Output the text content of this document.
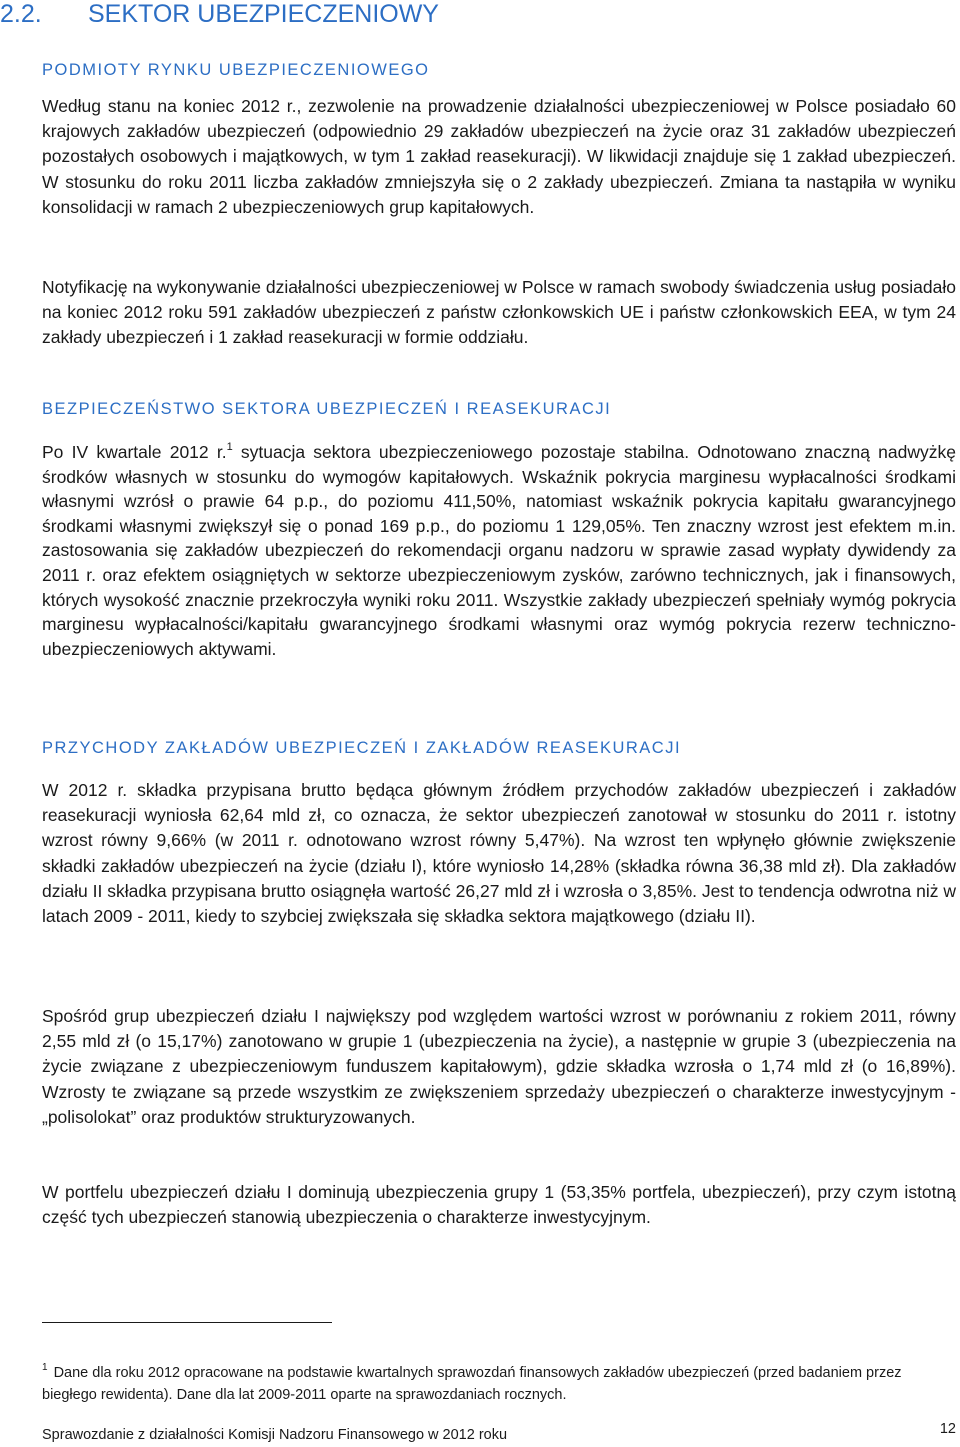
2.2. SEKTOR UBEZPIECZENIOWY
PODMIOTY RYNKU UBEZPIECZENIOWEGO

Według stanu na koniec 2012 r., zezwolenie na prowadzenie działalności ubezpieczeniowej w Polsce posiadało 60 krajowych zakładów ubezpieczeń (odpowiednio 29 zakładów ubezpieczeń na życie oraz 31 zakładów ubezpieczeń pozostałych osobowych i majątkowych, w tym 1 zakład reasekuracji). W likwidacji znajduje się 1 zakład ubezpieczeń. W stosunku do roku 2011 liczba zakładów zmniejszyła się o 2 zakłady ubezpieczeń. Zmiana ta nastąpiła w wyniku konsolidacji w ramach 2 ubezpieczeniowych grup kapitałowych.

Notyfikację na wykonywanie działalności ubezpieczeniowej w Polsce w ramach swobody świadczenia usług posiadało na koniec 2012 roku 591 zakładów ubezpieczeń z państw członkowskich UE i państw członkowskich EEA, w tym 24 zakłady ubezpieczeń i 1 zakład reasekuracji w formie oddziału.

BEZPIECZEŃSTWO SEKTORA UBEZPIECZEŃ I REASEKURACJI

Po IV kwartale 2012 r.$^1$ sytuacja sektora ubezpieczeniowego pozostaje stabilna. Odnotowano znaczną nadwyżkę środków własnych w stosunku do wymogów kapitałowych. Wskaźnik pokrycia marginesu wypłacalności środkami własnymi wzrósł o prawie 64 p.p., do poziomu 411,50%, natomiast wskaźnik pokrycia kapitału gwarancyjnego środkami własnymi zwiększył się o ponad 169 p.p., do poziomu 1 129,05%. Ten znaczny wzrost jest efektem m.in. zastosowania się zakładów ubezpieczeń do rekomendacji organu nadzoru w sprawie zasad wypłaty dywidendy za 2011 r. oraz efektem osiągniętych w sektorze ubezpieczeniowym zysków, zarówno technicznych, jak i finansowych, których wysokość znacznie przekroczyła wyniki roku 2011. Wszystkie zakłady ubezpieczeń spełniały wymóg pokrycia marginesu wypłacalności/kapitału gwarancyjnego środkami własnymi oraz wymóg pokrycia rezerw techniczno-ubezpieczeniowych aktywami.

PRZYCHODY ZAKŁADÓW UBEZPIECZEŃ I ZAKŁADÓW REASEKURACJI

W 2012 r. składka przypisana brutto będąca głównym źródłem przychodów zakładów ubezpieczeń i zakładów reasekuracji wyniosła 62,64 mld zł, co oznacza, że sektor ubezpieczeń zanotował w stosunku do 2011 r. istotny wzrost równy 9,66% (w 2011 r. odnotowano wzrost równy 5,47%). Na wzrost ten wpłynęło głównie zwiększenie składki zakładów ubezpieczeń na życie (działu I), które wyniosło 14,28% (składka równa 36,38 mld zł). Dla zakładów działu II składka przypisana brutto osiągnęła wartość 26,27 mld zł i wzrosła o 3,85%. Jest to tendencja odwrotna niż w latach 2009 - 2011, kiedy to szybciej zwiększała się składka sektora majątkowego (działu II).

Spośród grup ubezpieczeń działu I największy pod względem wartości wzrost w porównaniu z rokiem 2011, równy 2,55 mld zł (o 15,17%) zanotowano w grupie 1 (ubezpieczenia na życie), a następnie w grupie 3 (ubezpieczenia na życie związane z ubezpieczeniowym funduszem kapitałowym), gdzie składka wzrosła o 1,74 mld zł (o 16,89%). Wzrosty te związane są przede wszystkim ze zwiększeniem sprzedaży ubezpieczeń o charakterze inwestycyjnym - „polisolokat” oraz produktów strukturyzowanych.

W portfelu ubezpieczeń działu I dominują ubezpieczenia grupy 1 (53,35% portfela, ubezpieczeń), przy czym istotną część tych ubezpieczeń stanowią ubezpieczenia o charakterze inwestycyjnym.

$^1$ Dane dla roku 2012 opracowane na podstawie kwartalnych sprawozdań finansowych zakładów ubezpieczeń (przed badaniem przez biegłego rewidenta). Dane dla lat 2009-2011 oparte na sprawozdaniach rocznych.

Sprawozdanie z działalności Komisji Nadzoru Finansowego w 2012 roku	12
